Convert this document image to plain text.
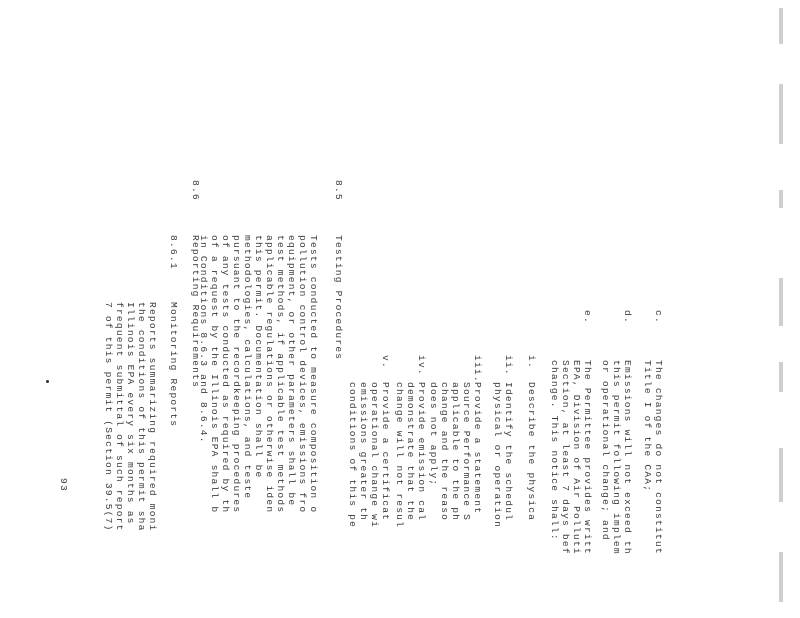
c.
The changes do not constitut
Title I of the CAA;
d.
Emissions will not exceed th
this permit following implem
or operational change; and
e.
The Permittee provides writt
EPA, Division of Air Polluti
Section, at least 7 days bef
change. This notice shall:
i.
Describe the physica
ii.
Identify the schedul
physical or operation
iii.
Provide a statement
Source Performance S
applicable to the ph
change and the reaso
does not apply;
iv.
Provide emission cal
demonstrate that the
change will not resul
v.
Provide a certificat
operational change wi
emissions greater th
conditions of this pe
8.5
Testing Procedures
Tests conducted to measure composition o
pollution control devices, emissions fro
equipment, or other parameters shall be
test methods, if applicable test methods
applicable regulations or otherwise iden
this permit. Documentation shall be
methodologies, calculations, and teste
pursuant to the recordkeeping procedures
of any tests conducted as required by th
of a request by the Illinois EPA shall b
in Conditions 8.6.3 and 8.6.4.
8.6
Reporting Requirements
8.6.1
Monitoring Reports
Reports summarizing required moni
the conditions of this permit sha
Illinois EPA every six months as
frequent submittal of such report
7 of this permit (Section 39.5(7)
93
